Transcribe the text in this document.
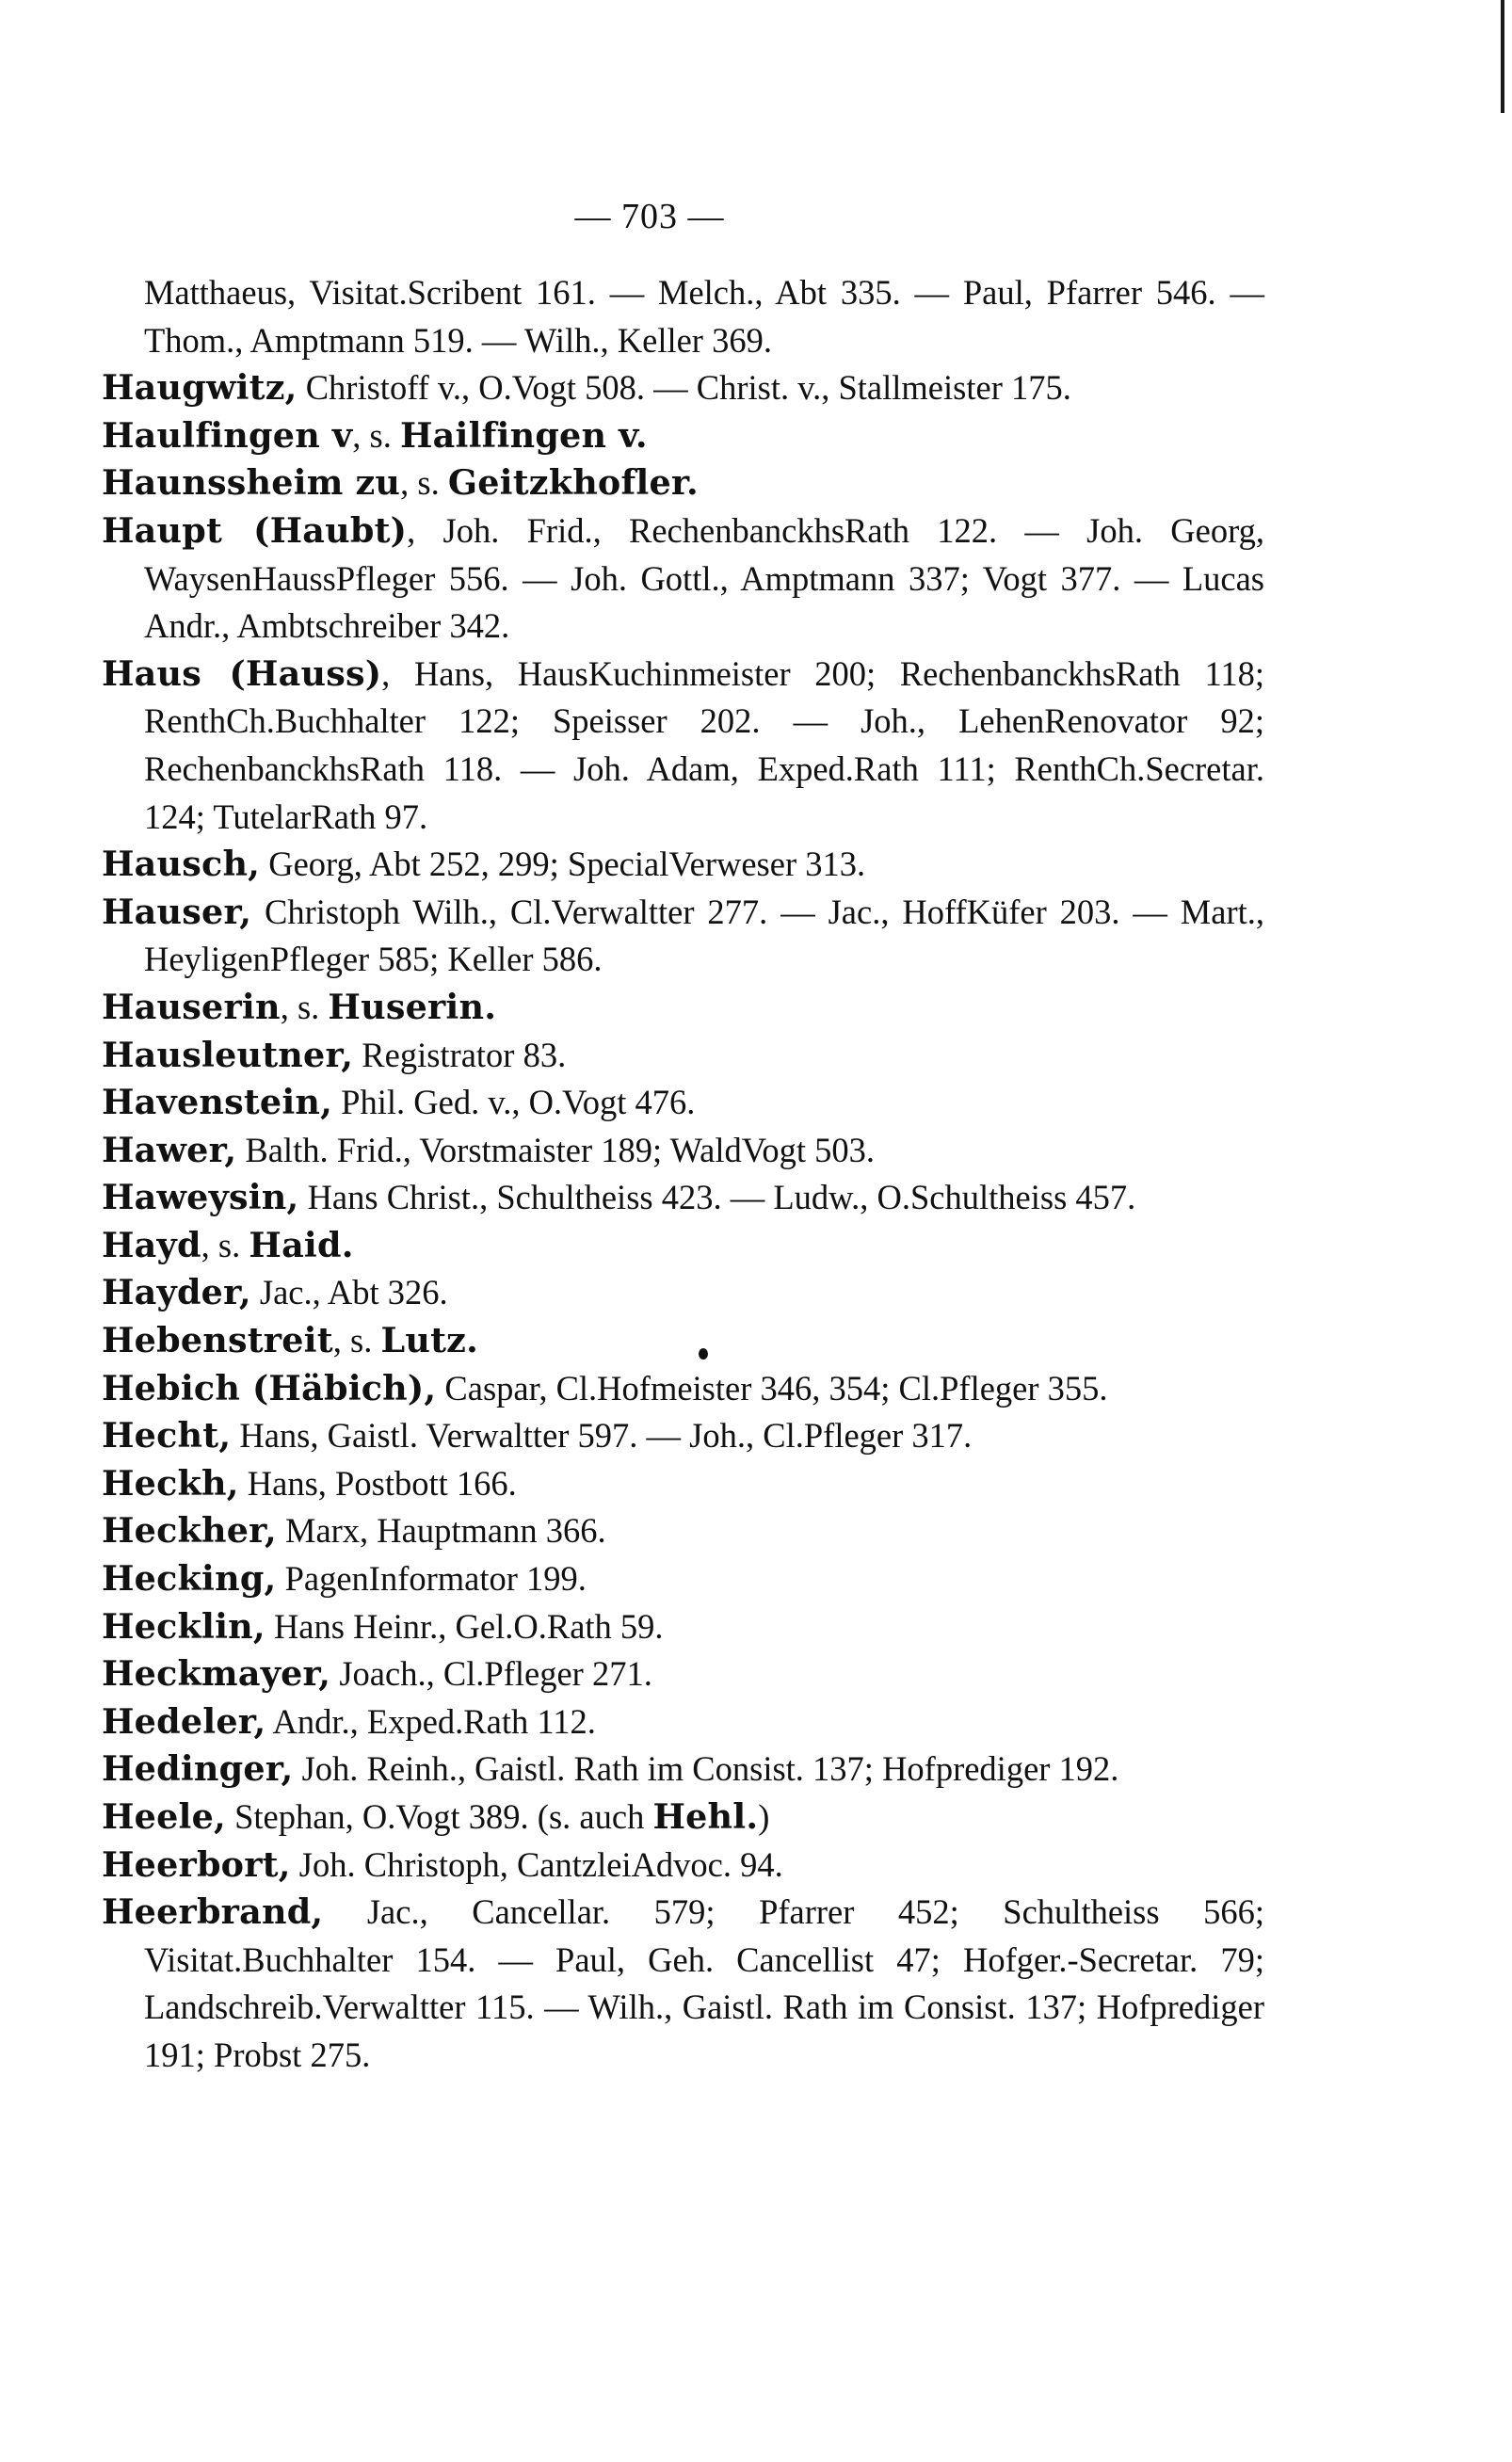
— 703 —
Matthaeus, Visitat.Scribent 161. — Melch., Abt 335. — Paul, Pfarrer 546. — Thom., Amptmann 519. — Wilh., Keller 369.
Haugwitz, Christoff v., O.Vogt 508. — Christ. v., Stallmeister 175.
Haulfingen v, s. Hailfingen v.
Haunssheim zu, s. Geitzkhofler.
Haupt (Haubt), Joh. Frid., RechenbanckhsRath 122. — Joh. Georg, WaysenHaussPfleger 556. — Joh. Gottl., Amptmann 337; Vogt 377. — Lucas Andr., Ambtschreiber 342.
Haus (Hauss), Hans, HausKuchinmeister 200; RechenbanckhsRath 118; RenthCh.Buchhalter 122; Speisser 202. — Joh., LehenRenovator 92; RechenbanckhsRath 118. — Joh. Adam, Exped.Rath 111; RenthCh.Secretar. 124; TutelarRath 97.
Hausch, Georg, Abt 252, 299; SpecialVerweser 313.
Hauser, Christoph Wilh., Cl.Verwaltter 277. — Jac., HoffKüfer 203. — Mart., HeyligenPfleger 585; Keller 586.
Hauserin, s. Huserin.
Hausleutner, Registrator 83.
Havenstein, Phil. Ged. v., O.Vogt 476.
Hawer, Balth. Frid., Vorstmaister 189; WaldVogt 503.
Haweysin, Hans Christ., Schultheiss 423. — Ludw., O.Schultheiss 457.
Hayd, s. Haid.
Hayder, Jac., Abt 326.
Hebenstreit, s. Lutz.
Hebich (Häbich), Caspar, Cl.Hofmeister 346, 354; Cl.Pfleger 355.
Hecht, Hans, Gaistl. Verwaltter 597. — Joh., Cl.Pfleger 317.
Heckh, Hans, Postbott 166.
Heckher, Marx, Hauptmann 366.
Hecking, PagenInformator 199.
Hecklin, Hans Heinr., Gel.O.Rath 59.
Heckmayer, Joach., Cl.Pfleger 271.
Hedeler, Andr., Exped.Rath 112.
Hedinger, Joh. Reinh., Gaistl. Rath im Consist. 137; Hofprediger 192.
Heele, Stephan, O.Vogt 389. (s. auch Hehl.)
Heerbort, Joh. Christoph, CantzleiAdvoc. 94.
Heerbrand, Jac., Cancellar. 579; Pfarrer 452; Schultheiss 566; Visitat.Buchhalter 154. — Paul, Geh. Cancellist 47; Hofger.-Secretar. 79; Landschreib.Verwaltter 115. — Wilh., Gaistl. Rath im Consist. 137; Hofprediger 191; Probst 275.
